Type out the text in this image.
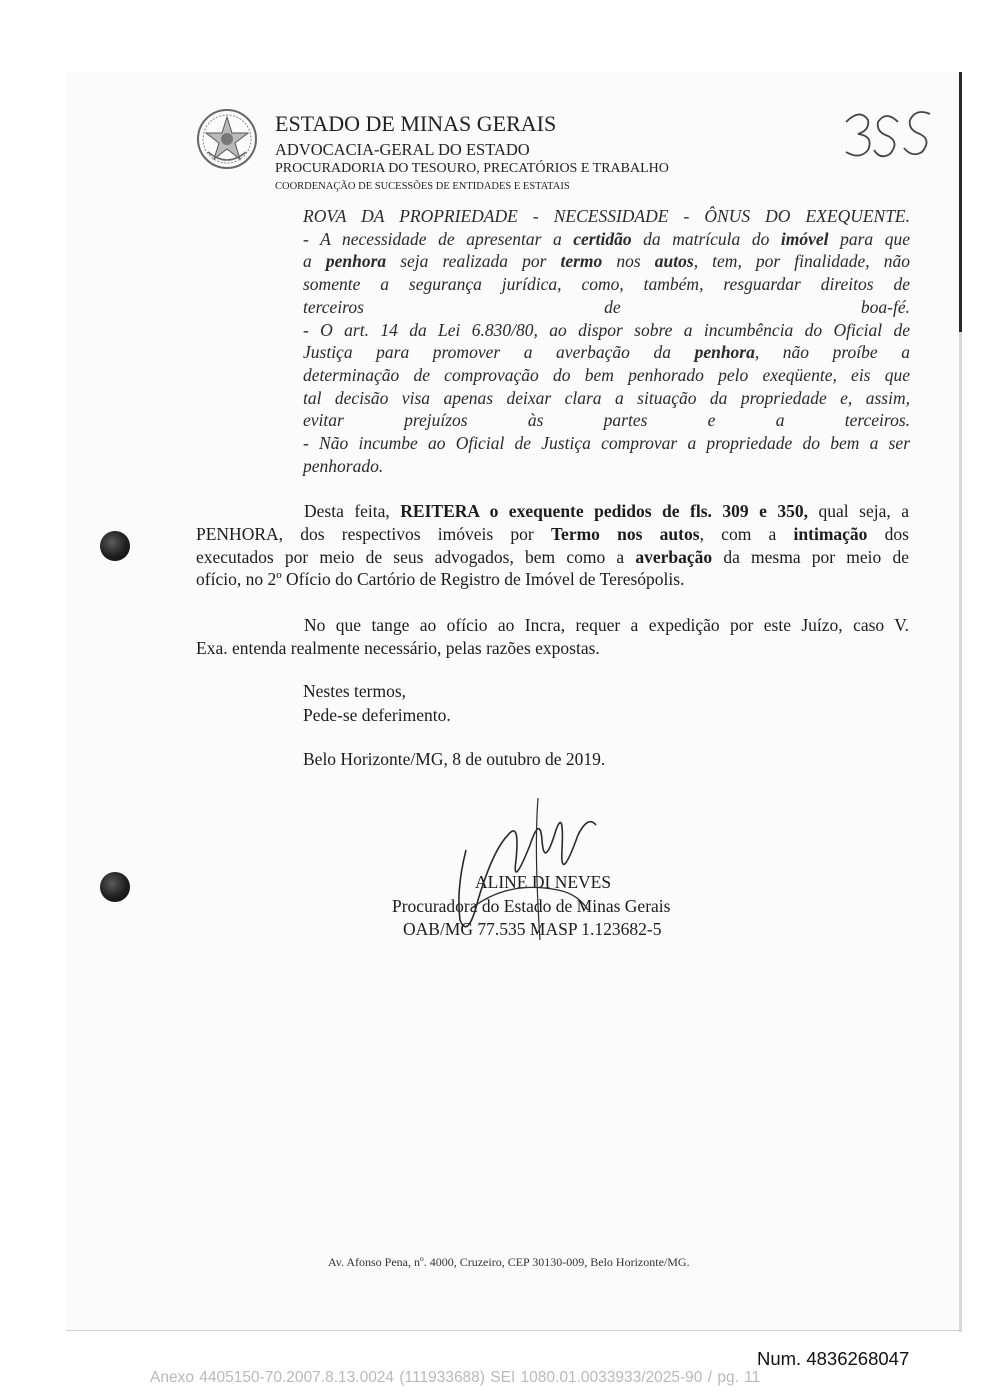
ESTADO DE MINAS GERAIS
ADVOCACIA-GERAL DO ESTADO
PROCURADORIA DO TESOURO, PRECATÓRIOS E TRABALHO
COORDENAÇÃO DE SUCESSÕES DE ENTIDADES E ESTATAIS
ROVA DA PROPRIEDADE - NECESSIDADE - ÔNUS DO EXEQUENTE.
- A necessidade de apresentar a certidão da matrícula do imóvel para que
a penhora seja realizada por termo nos autos, tem, por finalidade, não
somente a segurança jurídica, como, também, resguardar direitos de
terceiros de boa-fé.
- O art. 14 da Lei 6.830/80, ao dispor sobre a incumbência do Oficial de
Justiça para promover a averbação da penhora, não proíbe a
determinação de comprovação do bem penhorado pelo exeqüente, eis que
tal decisão visa apenas deixar clara a situação da propriedade e, assim,
evitar prejuízos às partes e a terceiros.
- Não incumbe ao Oficial de Justiça comprovar a propriedade do bem a ser
penhorado.
Desta feita, REITERA o exequente pedidos de fls. 309 e 350, qual seja, a
PENHORA, dos respectivos imóveis por Termo nos autos, com a intimação dos
executados por meio de seus advogados, bem como a averbação da mesma por meio de
ofício, no 2º Ofício do Cartório de Registro de Imóvel de Teresópolis.
No que tange ao ofício ao Incra, requer a expedição por este Juízo, caso V.
Exa. entenda realmente necessário, pelas razões expostas.
Nestes termos,
Pede-se deferimento.
Belo Horizonte/MG, 8 de outubro de 2019.
ALINE DI NEVES
Procuradora do Estado de Minas Gerais
OAB/MG 77.535 MASP 1.123682-5
Av. Afonso Pena, nº. 4000, Cruzeiro, CEP 30130-009, Belo Horizonte/MG.
Num. 4836268047
Anexo 4405150-70.2007.8.13.0024 (111933688) SEI 1080.01.0033933/2025-90 / pg. 11
